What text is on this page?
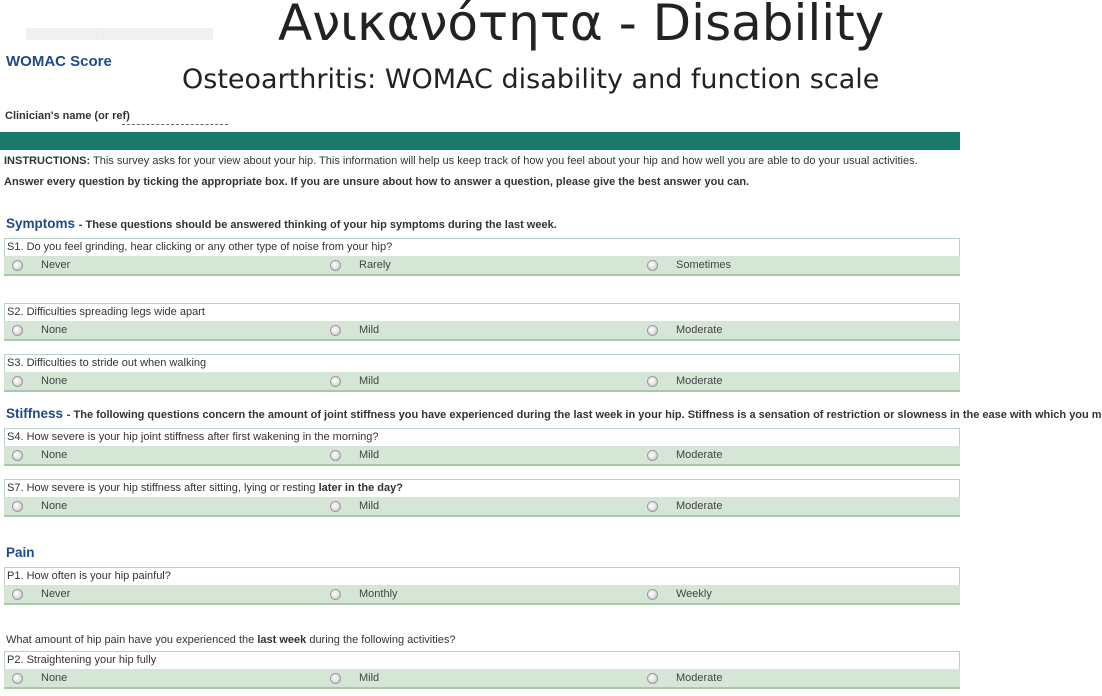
Ανικανότητα - Disability
Osteoarthritis: WOMAC disability and function scale
▒▒▒▒▒▒▒▒▒▒▒▒▒▒▒▒▒▒▒▒▒▒▒▒
WOMAC Score
Clinician's name (or ref)
INSTRUCTIONS: This survey asks for your view about your hip. This information will help us keep track of how you feel about your hip and how well you are able to do your usual activities.
Answer every question by ticking the appropriate box. If you are unsure about how to answer a question, please give the best answer you can.
Symptoms - These questions should be answered thinking of your hip symptoms during the last week.
S1. Do you feel grinding, hear clicking or any other type of noise from your hip?
Never	Rarely	Sometimes
S2. Difficulties spreading legs wide apart
None	Mild	Moderate
S3. Difficulties to stride out when walking
None	Mild	Moderate
Stiffness - The following questions concern the amount of joint stiffness you have experienced during the last week in your hip. Stiffness is a sensation of restriction or slowness in the ease with which you m
S4. How severe is your hip joint stiffness after first wakening in the morning?
None	Mild	Moderate
S7. How severe is your hip stiffness after sitting, lying or resting later in the day?
None	Mild	Moderate
Pain
P1. How often is your hip painful?
Never	Monthly	Weekly
What amount of hip pain have you experienced the last week during the following activities?
P2. Straightening your hip fully
None	Mild	Moderate
